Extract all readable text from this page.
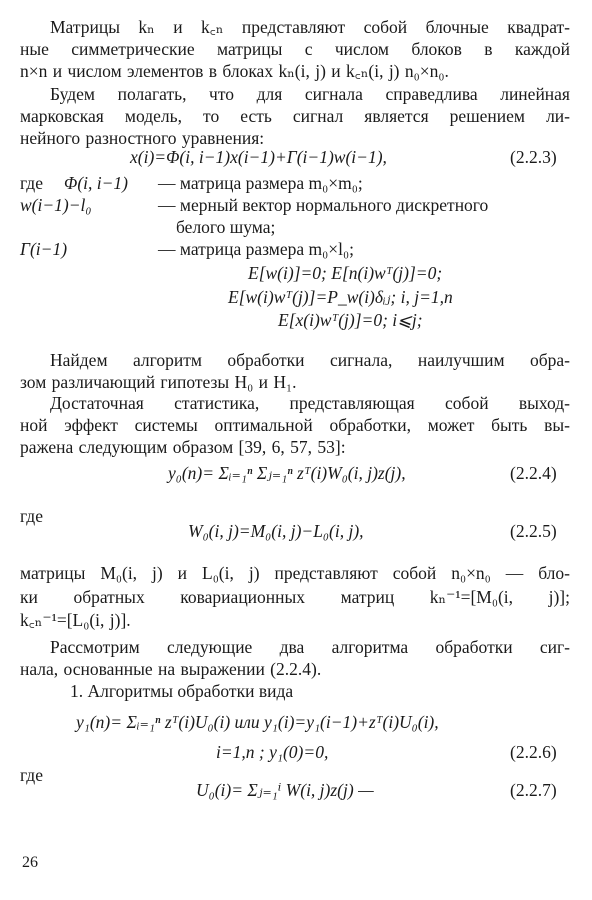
Матрицы kₙ и k꜀ₙ представляют собой блочные квадрат-
ные симметрические матрицы с числом блоков в каждой
n×n и числом элементов в блоках kₙ(i, j) и k꜀ₙ(i, j) n₀×n₀.
Будем полагать, что для сигнала справедлива линейная
марковская модель, то есть сигнал является решением ли-
нейного разностного уравнения:
x(i)=Φ(i, i−1)x(i−1)+Γ(i−1)w(i−1),	(2.2.3)
где Φ(i, i−1) — матрица размера m₀×m₀;
w(i−1)−l₀	— мерный вектор нормального дискретного
белого шума;
Γ(i−1)	— матрица размера m₀×l₀;
E[w(i)]=0; E[n(i)wᵀ(j)]=0;
E[w(i)wᵀ(j)]=P_w(i)δᵢⱼ; i, j=1,n
E[x(i)wᵀ(j)]=0; i⩽j;
Найдем алгоритм обработки сигнала, наилучшим обра-
зом различающий гипотезы H₀ и H₁.
Достаточная статистика, представляющая собой выход-
ной эффект системы оптимальной обработки, может быть вы-
ражена следующим образом [39, 6, 57, 53]:
y₀(n)= Σᵢ₌₁ⁿ Σⱼ₌₁ⁿ zᵀ(i)W₀(i, j)z(j),	(2.2.4)
где
W₀(i, j)=M₀(i, j)−L₀(i, j),	(2.2.5)
матрицы M₀(i, j) и L₀(i, j) представляют собой n₀×n₀ — бло-
ки обратных ковариационных матриц kₙ⁻¹=[M₀(i, j)];
k꜀ₙ⁻¹=[L₀(i, j)].
Рассмотрим следующие два алгоритма обработки сиг-
нала, основанные на выражении (2.2.4).
1. Алгоритмы обработки вида
y₁(n)= Σᵢ₌₁ⁿ zᵀ(i)U₀(i) или y₁(i)=y₁(i−1)+zᵀ(i)U₀(i),
i=1,n ; y₁(0)=0,	(2.2.6)
где
U₀(i)= Σⱼ₌₁ⁱ W(i, j)z(j) —	(2.2.7)
26
